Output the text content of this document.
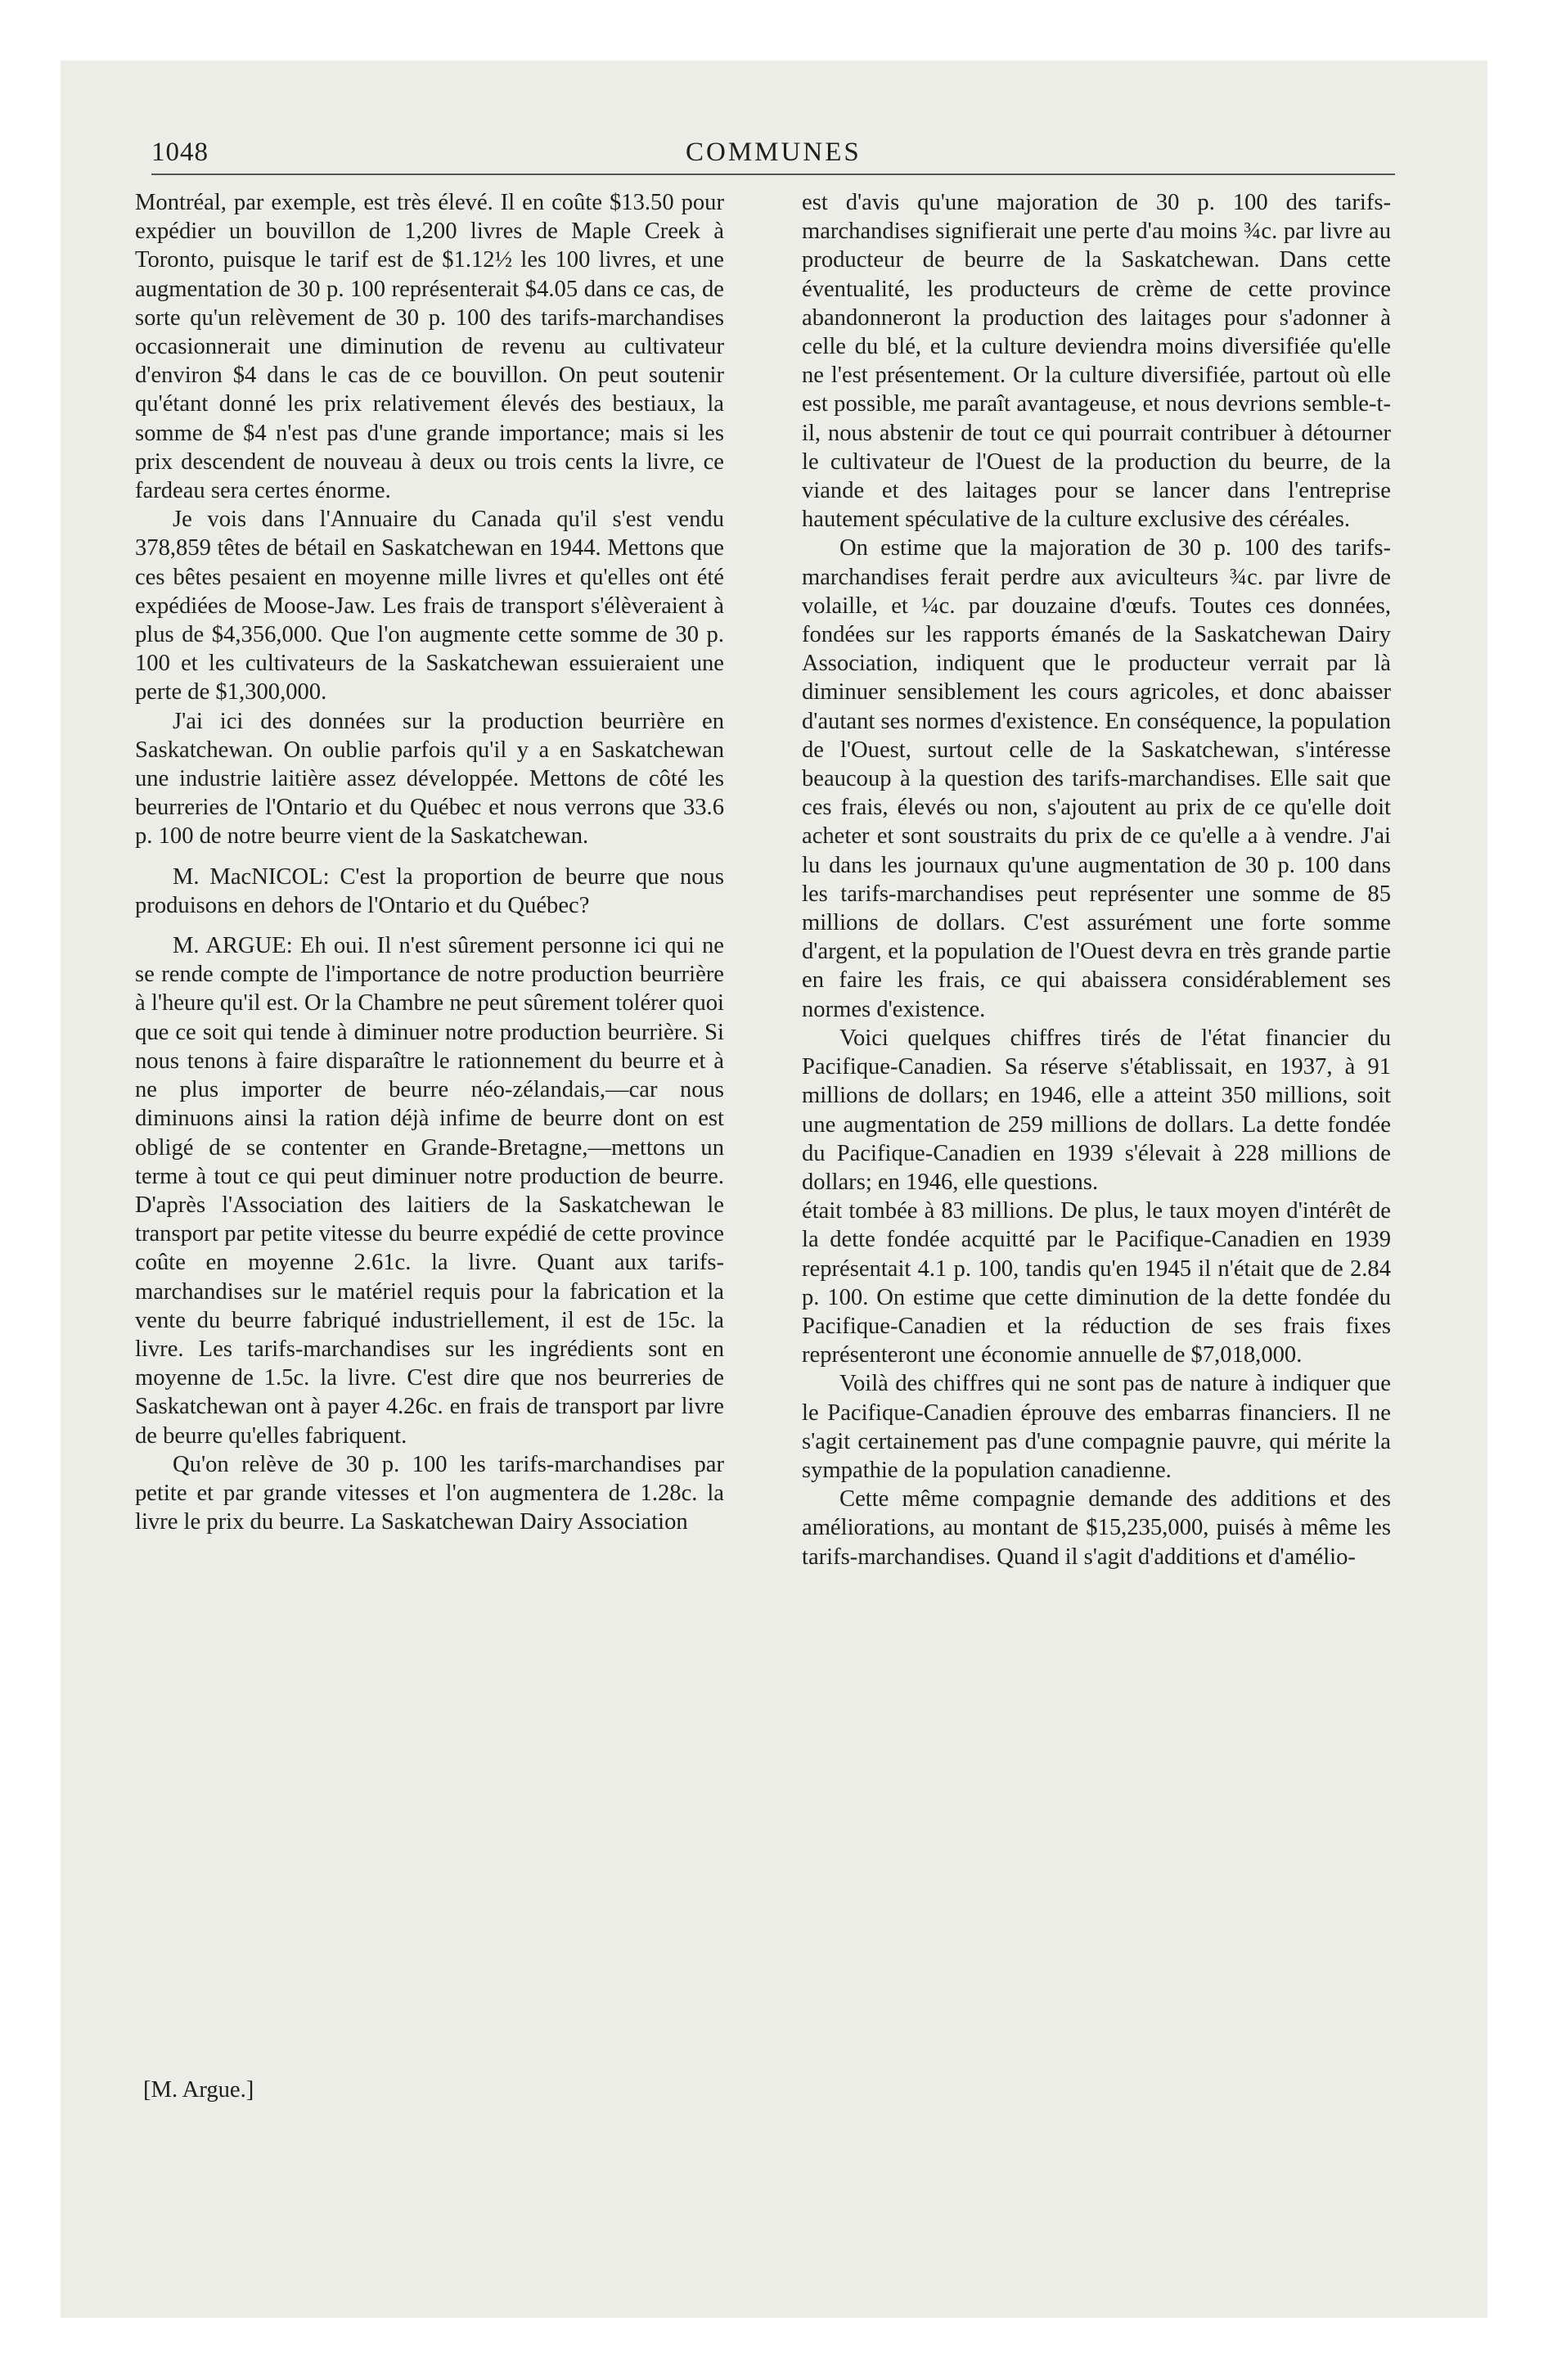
1048	COMMUNES

Montréal, par exemple, est très élevé. Il en coûte $13.50 pour expédier un bouvillon de 1,200 livres de Maple Creek à Toronto, puisque le tarif est de $1.12½ les 100 livres, et une augmentation de 30 p. 100 représenterait $4.05 dans ce cas, de sorte qu'un relèvement de 30 p. 100 des tarifs-marchandises occasionnerait une diminution de revenu au cultivateur d'environ $4 dans le cas de ce bouvillon. On peut soutenir qu'étant donné les prix relativement élevés des bestiaux, la somme de $4 n'est pas d'une grande importance; mais si les prix descendent de nouveau à deux ou trois cents la livre, ce fardeau sera certes énorme.

Je vois dans l'Annuaire du Canada qu'il s'est vendu 378,859 têtes de bétail en Saskatchewan en 1944. Mettons que ces bêtes pesaient en moyenne mille livres et qu'elles ont été expédiées de Moose-Jaw. Les frais de transport s'élèveraient à plus de $4,356,000. Que l'on augmente cette somme de 30 p. 100 et les cultivateurs de la Saskatchewan essuieraient une perte de $1,300,000.

J'ai ici des données sur la production beurrière en Saskatchewan. On oublie parfois qu'il y a en Saskatchewan une industrie laitière assez développée. Mettons de côté les beurreries de l'Ontario et du Québec et nous verrons que 33.6 p. 100 de notre beurre vient de la Saskatchewan.

M. MacNICOL: C'est la proportion de beurre que nous produisons en dehors de l'Ontario et du Québec?

M. ARGUE: Eh oui. Il n'est sûrement personne ici qui ne se rende compte de l'importance de notre production beurrière à l'heure qu'il est. Or la Chambre ne peut sûrement tolérer quoi que ce soit qui tende à diminuer notre production beurrière. Si nous tenons à faire disparaître le rationnement du beurre et à ne plus importer de beurre néo-zélandais,—car nous diminuons ainsi la ration déjà infime de beurre dont on est obligé de se contenter en Grande-Bretagne,—mettons un terme à tout ce qui peut diminuer notre production de beurre. D'après l'Association des laitiers de la Saskatchewan le transport par petite vitesse du beurre expédié de cette province coûte en moyenne 2.61c. la livre. Quant aux tarifs-marchandises sur le matériel requis pour la fabrication et la vente du beurre fabriqué industriellement, il est de 15c. la livre. Les tarifs-marchandises sur les ingrédients sont en moyenne de 1.5c. la livre. C'est dire que nos beurreries de Saskatchewan ont à payer 4.26c. en frais de transport par livre de beurre qu'elles fabriquent.

Qu'on relève de 30 p. 100 les tarifs-marchandises par petite et par grande vitesses et l'on augmentera de 1.28c. la livre le prix du beurre. La Saskatchewan Dairy Association

[M. Argue.]

est d'avis qu'une majoration de 30 p. 100 des tarifs-marchandises signifierait une perte d'au moins ¾c. par livre au producteur de beurre de la Saskatchewan. Dans cette éventualité, les producteurs de crème de cette province abandonneront la production des laitages pour s'adonner à celle du blé, et la culture deviendra moins diversifiée qu'elle ne l'est présentement. Or la culture diversifiée, partout où elle est possible, me paraît avantageuse, et nous devrions semble-t-il, nous abstenir de tout ce qui pourrait contribuer à détourner le cultivateur de l'Ouest de la production du beurre, de la viande et des laitages pour se lancer dans l'entreprise hautement spéculative de la culture exclusive des céréales.

On estime que la majoration de 30 p. 100 des tarifs-marchandises ferait perdre aux aviculteurs ¾c. par livre de volaille, et ¼c. par douzaine d'œufs. Toutes ces données, fondées sur les rapports émanés de la Saskatchewan Dairy Association, indiquent que le producteur verrait par là diminuer sensiblement les cours agricoles, et donc abaisser d'autant ses normes d'existence. En conséquence, la population de l'Ouest, surtout celle de la Saskatchewan, s'intéresse beaucoup à la question des tarifs-marchandises. Elle sait que ces frais, élevés ou non, s'ajoutent au prix de ce qu'elle doit acheter et sont soustraits du prix de ce qu'elle a à vendre. J'ai lu dans les journaux qu'une augmentation de 30 p. 100 dans les tarifs-marchandises peut représenter une somme de 85 millions de dollars. C'est assurément une forte somme d'argent, et la population de l'Ouest devra en très grande partie en faire les frais, ce qui abaissera considérablement ses normes d'existence.

Voici quelques chiffres tirés de l'état financier du Pacifique-Canadien. Sa réserve s'établissait, en 1937, à 91 millions de dollars; en 1946, elle a atteint 350 millions, soit une augmentation de 259 millions de dollars. La dette fondée du Pacifique-Canadien en 1939 s'élevait à 228 millions de dollars; en 1946, elle questions.

était tombée à 83 millions. De plus, le taux moyen d'intérêt de la dette fondée acquitté par le Pacifique-Canadien en 1939 représentait 4.1 p. 100, tandis qu'en 1945 il n'était que de 2.84 p. 100. On estime que cette diminution de la dette fondée du Pacifique-Canadien et la réduction de ses frais fixes représenteront une économie annuelle de $7,018,000.

Voilà des chiffres qui ne sont pas de nature à indiquer que le Pacifique-Canadien éprouve des embarras financiers. Il ne s'agit certainement pas d'une compagnie pauvre, qui mérite la sympathie de la population canadienne.

Cette même compagnie demande des additions et des améliorations, au montant de $15,235,000, puisés à même les tarifs-marchandises. Quand il s'agit d'additions et d'amélio-
